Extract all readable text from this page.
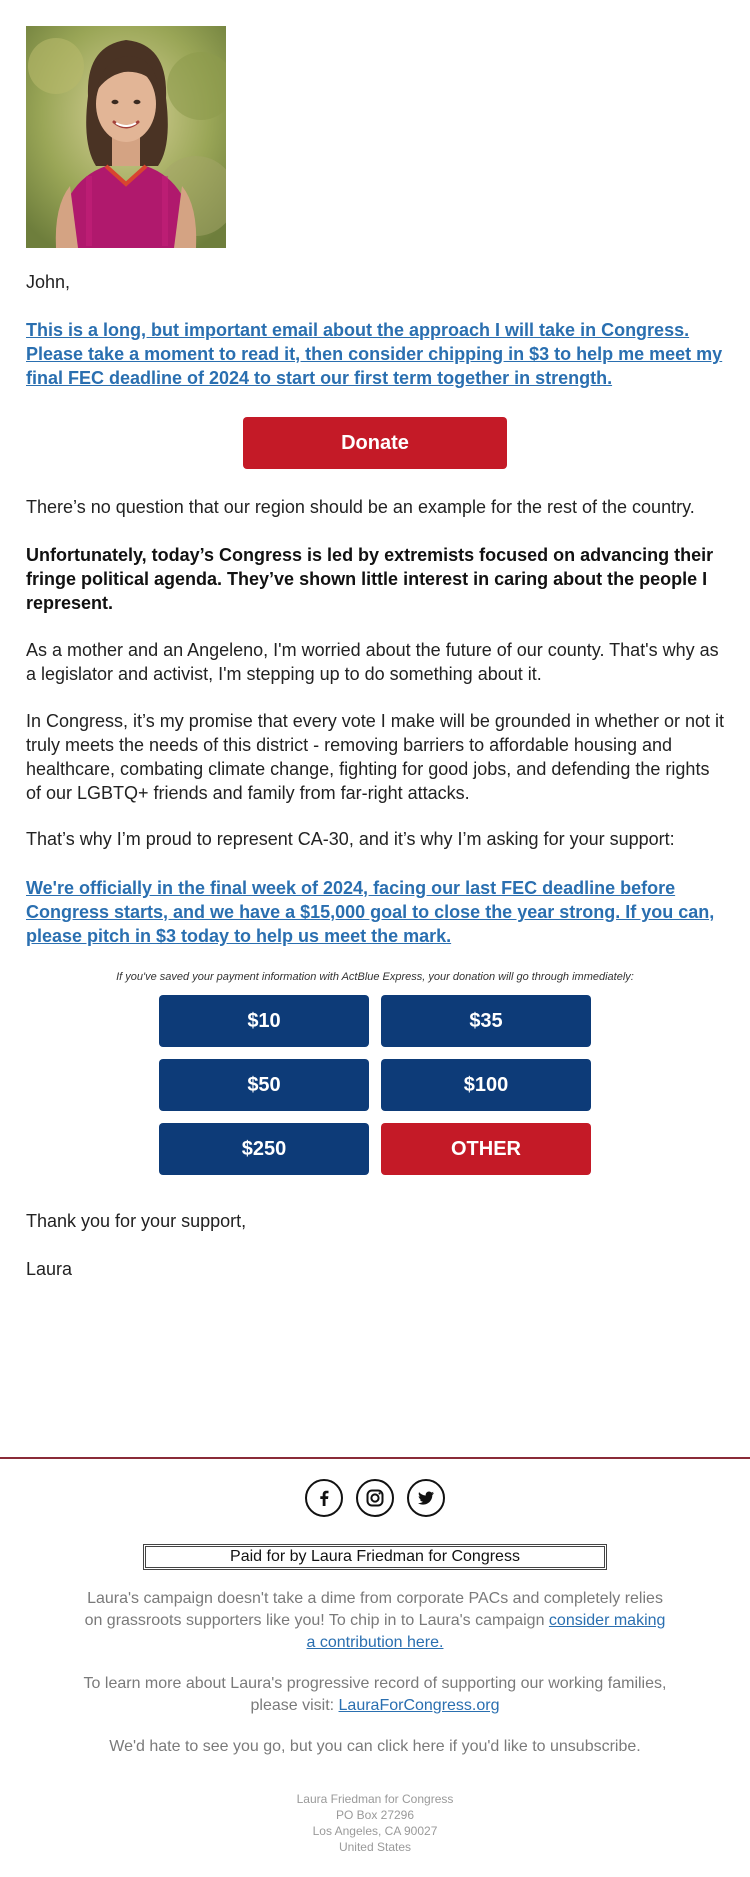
John,

This is a long, but important email about the approach I will take in Congress. Please take a moment to read it, then consider chipping in $3 to help me meet my final FEC deadline of 2024 to start our first term together in strength.

Donate

There’s no question that our region should be an example for the rest of the country.

Unfortunately, today’s Congress is led by extremists focused on advancing their fringe political agenda. They’ve shown little interest in caring about the people I represent.

As a mother and an Angeleno, I'm worried about the future of our county. That's why as a legislator and activist, I'm stepping up to do something about it.

In Congress, it’s my promise that every vote I make will be grounded in whether or not it truly meets the needs of this district - removing barriers to affordable housing and healthcare, combating climate change, fighting for good jobs, and defending the rights of our LGBTQ+ friends and family from far-right attacks.

That’s why I’m proud to represent CA-30, and it’s why I’m asking for your support:

We're officially in the final week of 2024, facing our last FEC deadline before Congress starts, and we have a $15,000 goal to close the year strong. If you can, please pitch in $3 today to help us meet the mark.

If you've saved your payment information with ActBlue Express, your donation will go through immediately:
$10	$35
$50	$100
$250	OTHER

Thank you for your support,

Laura

Paid for by Laura Friedman for Congress

Laura's campaign doesn't take a dime from corporate PACs and completely relies on grassroots supporters like you! To chip in to Laura's campaign consider making a contribution here.

To learn more about Laura's progressive record of supporting our working families, please visit: LauraForCongress.org

We'd hate to see you go, but you can click here if you'd like to unsubscribe.

Laura Friedman for Congress
PO Box 27296
Los Angeles, CA 90027
United States
